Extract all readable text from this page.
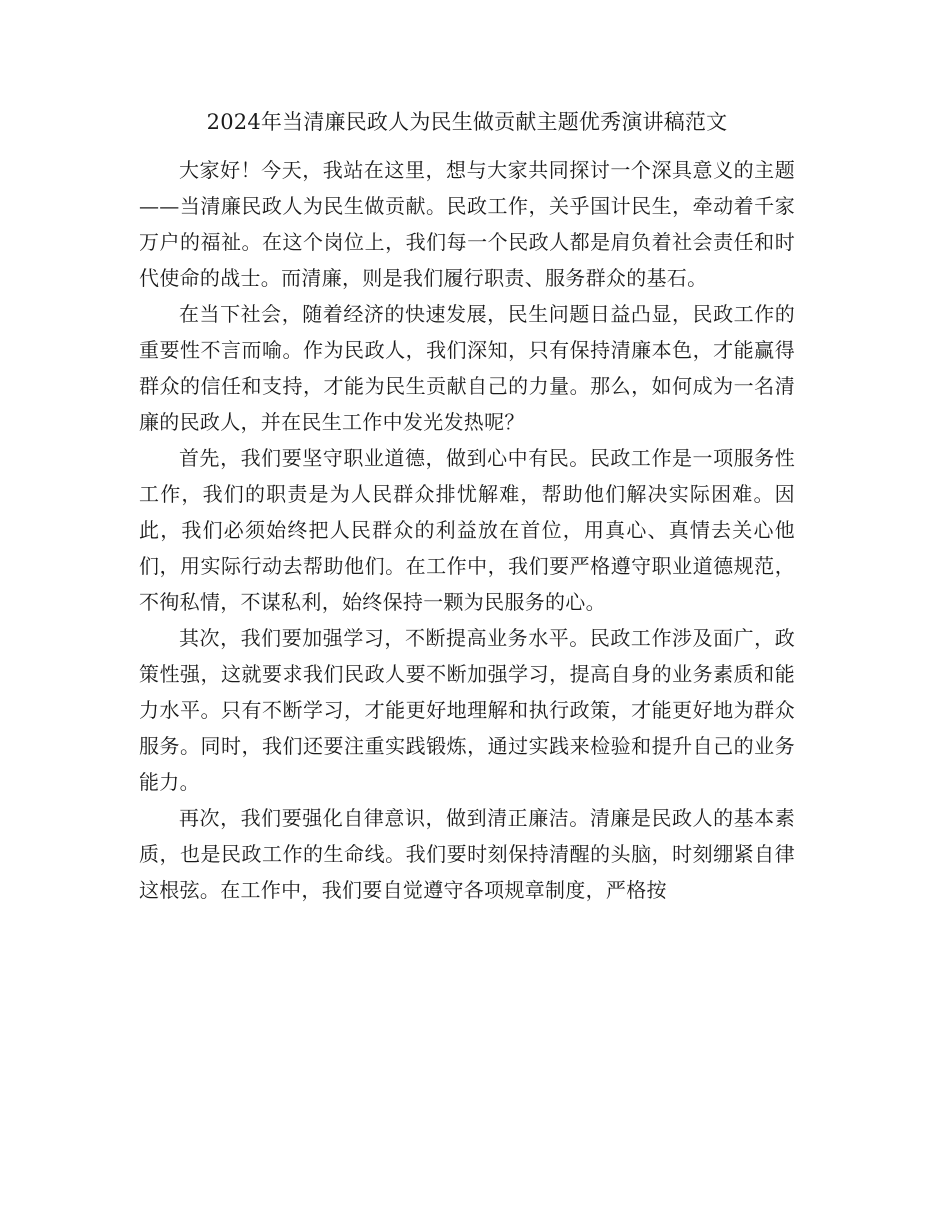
2024年当清廉民政人为民生做贡献主题优秀演讲稿范文

大家好！今天，我站在这里，想与大家共同探讨一个深具意义的主题——当清廉民政人为民生做贡献。民政工作，关乎国计民生，牵动着千家万户的福祉。在这个岗位上，我们每一个民政人都是肩负着社会责任和时代使命的战士。而清廉，则是我们履行职责、服务群众的基石。

在当下社会，随着经济的快速发展，民生问题日益凸显，民政工作的重要性不言而喻。作为民政人，我们深知，只有保持清廉本色，才能赢得群众的信任和支持，才能为民生贡献自己的力量。那么，如何成为一名清廉的民政人，并在民生工作中发光发热呢？

首先，我们要坚守职业道德，做到心中有民。民政工作是一项服务性工作，我们的职责是为人民群众排忧解难，帮助他们解决实际困难。因此，我们必须始终把人民群众的利益放在首位，用真心、真情去关心他们，用实际行动去帮助他们。在工作中，我们要严格遵守职业道德规范，不徇私情，不谋私利，始终保持一颗为民服务的心。

其次，我们要加强学习，不断提高业务水平。民政工作涉及面广，政策性强，这就要求我们民政人要不断加强学习，提高自身的业务素质和能力水平。只有不断学习，才能更好地理解和执行政策，才能更好地为群众服务。同时，我们还要注重实践锻炼，通过实践来检验和提升自己的业务能力。

再次，我们要强化自律意识，做到清正廉洁。清廉是民政人的基本素质，也是民政工作的生命线。我们要时刻保持清醒的头脑，时刻绷紧自律这根弦。在工作中，我们要自觉遵守各项规章制度，严格按
